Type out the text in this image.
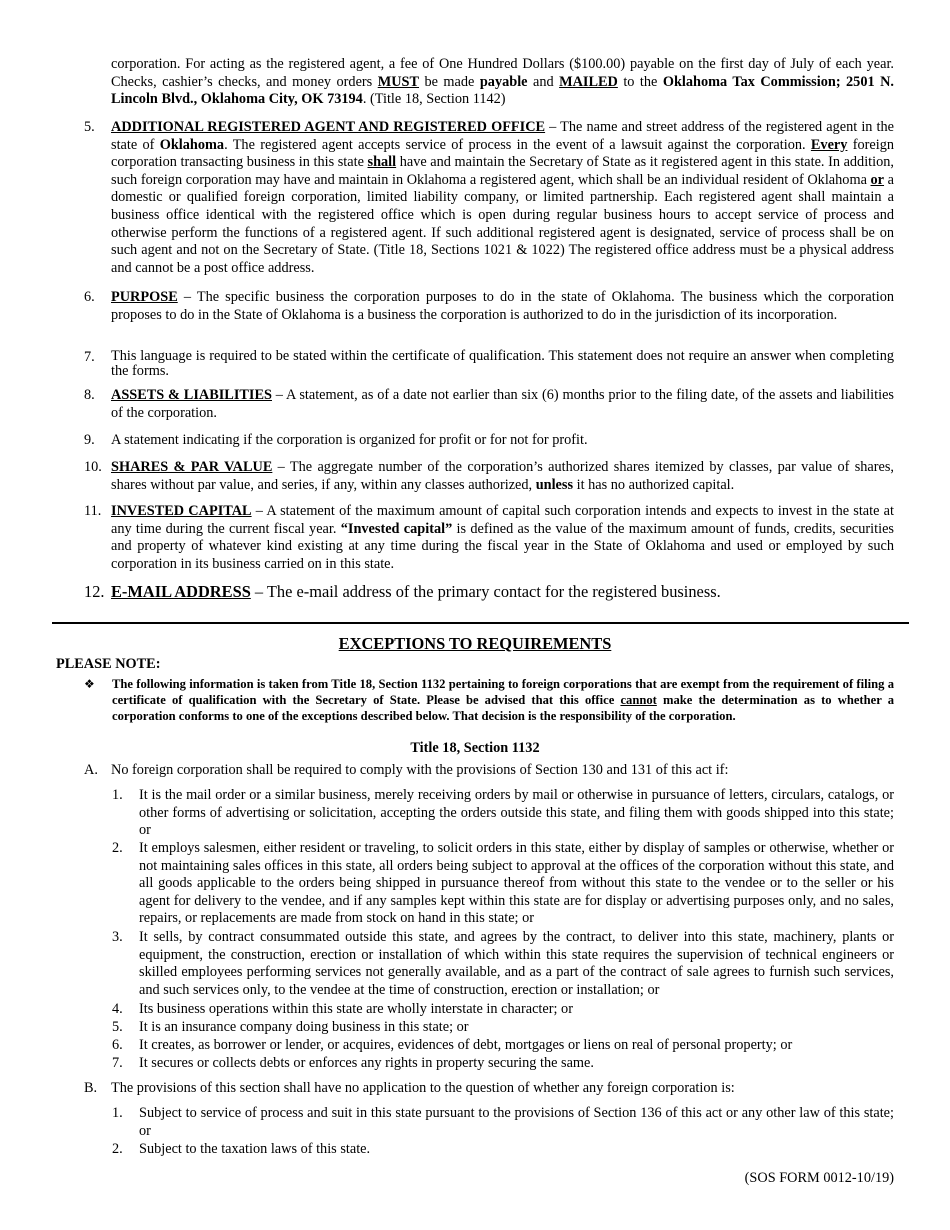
corporation. For acting as the registered agent, a fee of One Hundred Dollars ($100.00) payable on the first day of July of each year. Checks, cashier’s checks, and money orders MUST be made payable and MAILED to the Oklahoma Tax Commission; 2501 N. Lincoln Blvd., Oklahoma City, OK 73194. (Title 18, Section 1142)

5. ADDITIONAL REGISTERED AGENT AND REGISTERED OFFICE – The name and street address of the registered agent in the state of Oklahoma. The registered agent accepts service of process in the event of a lawsuit against the corporation. Every foreign corporation transacting business in this state shall have and maintain the Secretary of State as it registered agent in this state. In addition, such foreign corporation may have and maintain in Oklahoma a registered agent, which shall be an individual resident of Oklahoma or a domestic or qualified foreign corporation, limited liability company, or limited partnership. Each registered agent shall maintain a business office identical with the registered office which is open during regular business hours to accept service of process and otherwise perform the functions of a registered agent. If such additional registered agent is designated, service of process shall be on such agent and not on the Secretary of State. (Title 18, Sections 1021 & 1022) The registered office address must be a physical address and cannot be a post office address.

6. PURPOSE – The specific business the corporation purposes to do in the state of Oklahoma. The business which the corporation proposes to do in the State of Oklahoma is a business the corporation is authorized to do in the jurisdiction of its incorporation.

7. This language is required to be stated within the certificate of qualification. This statement does not require an answer when completing the forms.

8. ASSETS & LIABILITIES – A statement, as of a date not earlier than six (6) months prior to the filing date, of the assets and liabilities of the corporation.

9. A statement indicating if the corporation is organized for profit or for not for profit.

10. SHARES & PAR VALUE – The aggregate number of the corporation’s authorized shares itemized by classes, par value of shares, shares without par value, and series, if any, within any classes authorized, unless it has no authorized capital.

11. INVESTED CAPITAL – A statement of the maximum amount of capital such corporation intends and expects to invest in the state at any time during the current fiscal year. “Invested capital” is defined as the value of the maximum amount of funds, credits, securities and property of whatever kind existing at any time during the fiscal year in the State of Oklahoma and used or employed by such corporation in its business carried on in this state.

12. E-MAIL ADDRESS – The e-mail address of the primary contact for the registered business.

EXCEPTIONS TO REQUIREMENTS
PLEASE NOTE:
❖ The following information is taken from Title 18, Section 1132 pertaining to foreign corporations that are exempt from the requirement of filing a certificate of qualification with the Secretary of State. Please be advised that this office cannot make the determination as to whether a corporation conforms to one of the exceptions described below. That decision is the responsibility of the corporation.

Title 18, Section 1132
A. No foreign corporation shall be required to comply with the provisions of Section 130 and 131 of this act if:

1. It is the mail order or a similar business, merely receiving orders by mail or otherwise in pursuance of letters, circulars, catalogs, or other forms of advertising or solicitation, accepting the orders outside this state, and filing them with goods shipped into this state; or

2. It employs salesmen, either resident or traveling, to solicit orders in this state, either by display of samples or otherwise, whether or not maintaining sales offices in this state, all orders being subject to approval at the offices of the corporation without this state, and all goods applicable to the orders being shipped in pursuance thereof from without this state to the vendee or to the seller or his agent for delivery to the vendee, and if any samples kept within this state are for display or advertising purposes only, and no sales, repairs, or replacements are made from stock on hand in this state; or

3. It sells, by contract consummated outside this state, and agrees by the contract, to deliver into this state, machinery, plants or equipment, the construction, erection or installation of which within this state requires the supervision of technical engineers or skilled employees performing services not generally available, and as a part of the contract of sale agrees to furnish such services, and such services only, to the vendee at the time of construction, erection or installation; or

4. Its business operations within this state are wholly interstate in character; or

5. It is an insurance company doing business in this state; or

6. It creates, as borrower or lender, or acquires, evidences of debt, mortgages or liens on real of personal property; or

7. It secures or collects debts or enforces any rights in property securing the same.

B. The provisions of this section shall have no application to the question of whether any foreign corporation is:

1. Subject to service of process and suit in this state pursuant to the provisions of Section 136 of this act or any other law of this state; or

2. Subject to the taxation laws of this state.

(SOS FORM 0012-10/19)
